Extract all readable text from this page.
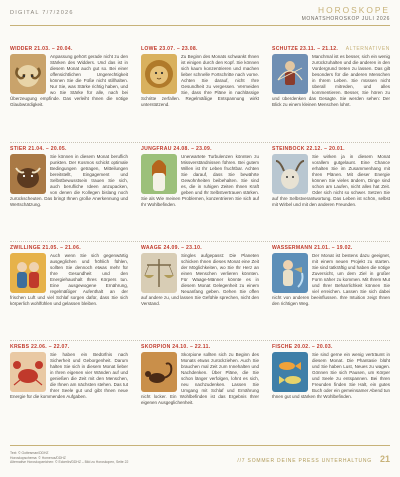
DIGITAL 7/7/2026	HOROSKOPE
MONATSHOROSKOP JULI 2026
ALTERNATIVEN
WIDDER 21.03. – 20.04.
Anpassung gehört gerade nicht zu den Stärken des Widders. Und das ist in diesem Monat auch gut so. Bei einer offensichtlichen Ungerechtigkeit können Sie die Füße nicht stillhalten. Nur Sie, was Stärke richtig haben, und wo Sie Stärke für alle, nach bei Überzeugung empfinde. Das verleiht Ihnen die nötige Glaubwürdigkeit.
LÖWE 23.07. – 23.08.
Zu Beginn des Monats schwankt Ihnen ist einigen durch den Kopf. Sie können sich kaum konzentrieren und machen lieber schnelle Fortschritte nach vorne. Achten Sie darauf, nicht Ihre Gesundheit zu vergessen. Vermeiden Sie, dass Ihre Pläne in nachlässige Schritte zerfallen. Regelmäßige Entspannung wirkt unterstützend.
SCHÜTZE 23.11. – 21.12.
Manchmal ist es besser, sich ein wenig zurückzuhalten und die anderen in den Vordergrund treten zu lassen. Das gilt besonders für die anderen Menschen in Ihrem Leben. Sie müssen nicht überall mitreden, und alles kommentieren. Besser, Sie hören zu und überdenken das Gesagte. Sie werden sehen: Der Blick zu einem kleinen Menschen lohnt.
STIER 21.04. – 20.05.
Sie können in diesem Monat beruflich punkten. Der Kosmos schickt optimale Bedingungen getragen, Mitteilungen bereitstellt, Eingagement und Selbstbewusstsein trauen Sie sich, auch berufliche Ideen anzupacken, von denen die Kollegen bislang noch zurückscheuten. Das bringt Ihnen große Anerkennung und Wertschätzung.
JUNGFRAU 24.08. – 23.09.
Unerwartete Turbulenzen könnten zu Missverständnissen führen. Bei gutem Willen ist Ihr Leben fruchtbar. Achten Sie darauf, dass Sie bewährte Gewohnheiten beibehalten. Sie sind es, die in ruhigen Zeiten Ihnen Kraft geben und Ihr Selbstvertrauen stärken. Sie als Wie meinen Problemen, konzentrieren Sie sich auf Ihr Wohlbefinden.
STEINBOCK 22.12. – 20.01.
Sie wirken ja in diesem Monat vorallem gutgelaunt. Eine Chance erhalten Sie im Zusammenhang mit Ihren Plänen. Mit dieser Energie können Sie vieles ändern, Dinge sind schon am Laufen, nicht alles hat Zeit. Oder sich nicht so schwer. Setzen Sie auf Ihre Selbstverantwortung. Das Leben ist schön, selbst mit Wirbel und mit den anderen Freunden.
ZWILLINGE 21.05. – 21.06.
Auch wenn Sie sich gegenwärtig ausgeglichen und fröhlich fühlen, sollten Sie dennoch etwas mehr für Ihre Gesundheit und den Energiehaushalt Ihres Körpers tun. Eine ausgewogene Ernährung, regelmäßiger Aufenthalt an der frischen Luft und viel Schlaf sorgen dafür, dass Sie sich körperlich wohlfühlen und gelassen bleiben.
WAAGE 24.09. – 23.10.
Singles aufgepasst: Die Planeten schicken Ihnen dieses Monat eine Zeit der Möglichkeiten, wo Sie Ihr Herz an einen Menschen verlieren könnten. Für Waage-Männer könnte es in diesem Monat Gelegenheit zu einem Neuanfang geben. Gehen Sie offen auf andere zu, und lassen Sie Gefühle sprechen, nicht den Verstand.
WASSERMANN 21.01. – 19.02.
Der Monat ist bestens dazu geeignet, mit einem neuen Projekt zu starten. Sie sind tatkräftig und haben die nötige Zuversicht, um dem Ziel in großer Form näher zu kommen. Mit Ihrem Mut und Ihrer Beharrlichkeit können Sie viel erreichen. Lassen Sie sich dabei nicht von anderen beeinflussen. Ihre Intuition zeigt Ihnen den richtigen Weg.
KREBS 22.06. – 22.07.
Sie haben ein Bedürfnis nach Sicherheit und Geborgenheit. Darum halten Sie sich in diesem Monat lieber in Ihren eigenen vier Wänden auf und genießen die Zeit mit den Menschen, die Ihnen am nächsten stehen. Das tut Ihrer Seele gut und gibt Ihnen neue Energie für die kommenden Aufgaben.
SKORPION 24.10. – 22.11.
Skorpione sollten sich zu Beginn des Monats etwas zurückziehen. Auch Sie brauchen mal Zeit zum Innehalten und Nachdenken. Über Pläne, die Sie schon länger verfolgen, lohnt es sich, neu nachzudenken. Lassen Sie Umgang mit Schlaf und Ernährung nicht locker. Ein Wohlbefinden ist das Ergebnis Ihrer eigenen Ausgeglichenheit.
FISCHE 20.02. – 20.03.
Sie sind gerne ein wenig verträumt in diesem Monat. Die Phantasie blüht und Sie haben Lust, Neues zu wagen. Gönnen Sie sich Pausen, um Körper und Seele zu entspannen. Bei Ihren Freunden finden Sie Halt, ein gutes Buch oder ein gemeinsamer Abend tun Ihnen gut und stärken Ihr Wohlbefinden.
Text: © Gottesman/DDHZ
Horoskopschema: © Homerus/DDHZ
Alternative Horoskopzeichen: © Eckerlin/DDHZ – Bild zu Horoskopen, Seite 22	//7 SOMMER DEINE PRESS UNTERHALTUNG 21
